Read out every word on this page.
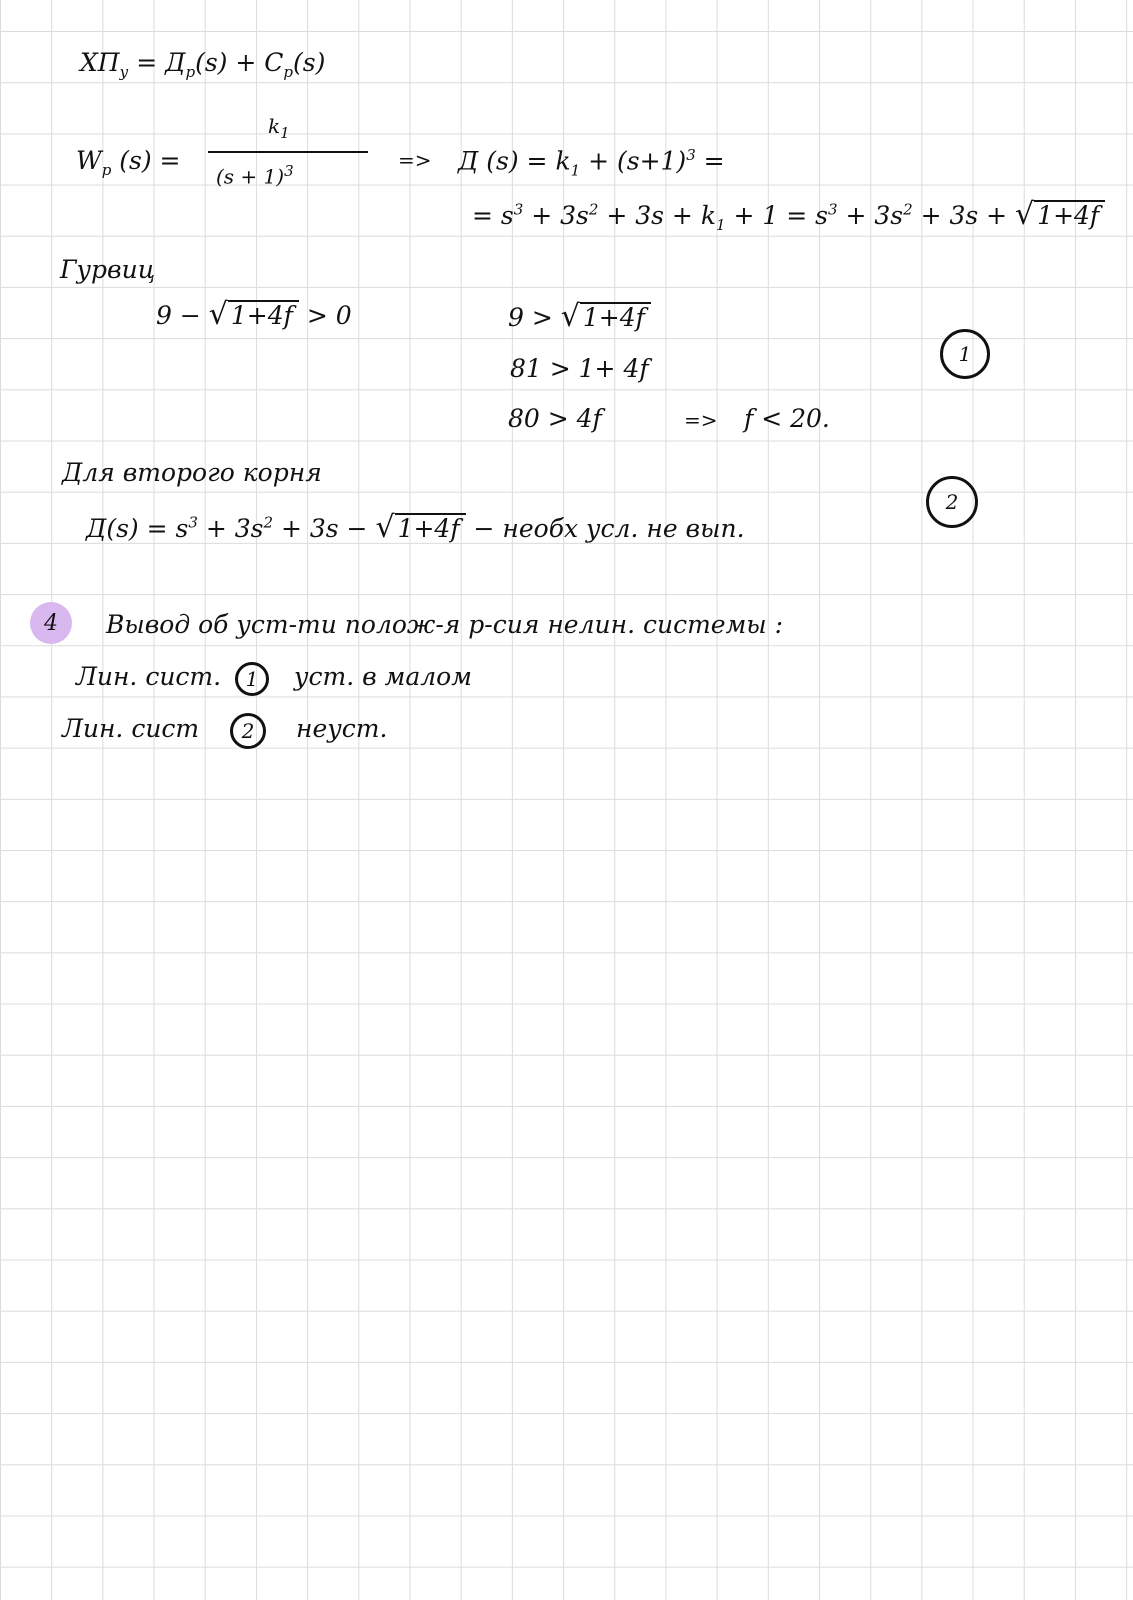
$ХП_у = Д_р(s) + C_p(s)$
$W_p$ (s) =
$k_1$
$(s + 1)^3$	=> Д $(s) = k_1 + (s+1)^3$ =
= $s^3 + 3s^2 + 3s + k_1 + 1 = s^3 + 3s^2 + 3s$ + √ 1+4f
Гурвиц
9 − √ 1+4f > 0	9 > √ 1+4f
81 > 1+ 4f
80 > 4f	=> f < 20.
1
2
Для второго корня
$Д(s) = s^3 + 3s^2 + 3s$ − √ 1+4f − необх усл. не вып.
4	Вывод об уст-ти полож-я р-сия нелин. системы :
Лин. сист.	1	уст. в малом
Лин. сист	2	неуст.
